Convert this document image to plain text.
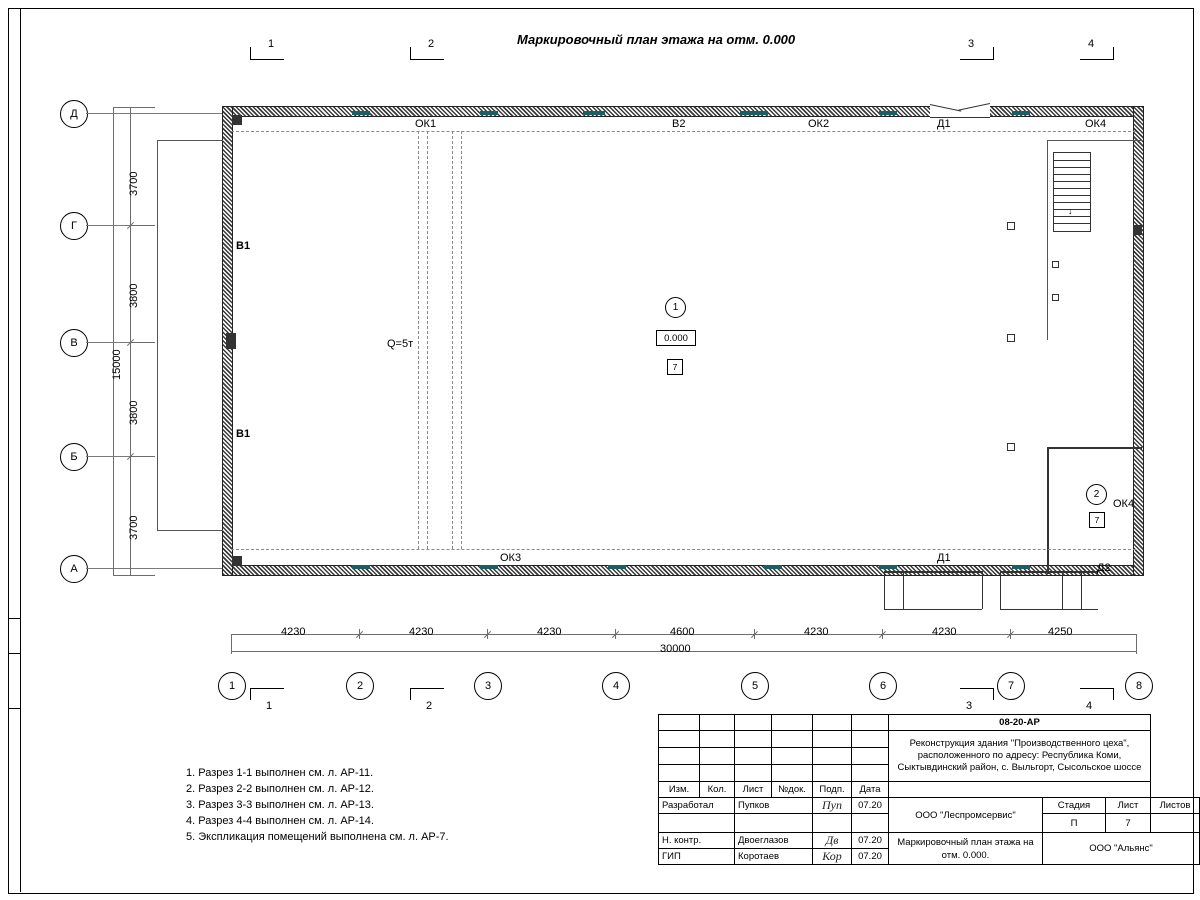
Маркировочный план этажа на отм. 0.000
1	2	3	4
1	2	3	4
Д
Г
В
Б
А
3700
3800
3800
3700
15000
↓
ОК1	В2	ОК2	Д1	ОК4
В1
В1
ОК3	Д1
ОК4
Д2
Q=5т
1
0.000
7
2
7
4230	4230	4230	4600	4230	4230	4250
30000
1	2	3	4	5	6	7	8
1. Разрез 1-1 выполнен см. л. АР-11.
2. Разрез 2-2 выполнен см. л. АР-12.
3. Разрез 3-3 выполнен см. л. АР-13.
4. Разрез 4-4 выполнен см. л. АР-14.
5. Экспликация помещений выполнена см. л. АР-7.
						08-20-АР			
						Реконструкция здания "Производственного цеха", расположенного по адресу: Республика Коми, Сыктывдинский район, с. Выльгорт, Сысольское шоссе			

Изм.	Кол.	Лист	№док.	Подп.	Дата				
Разработал		Пупков		Пуп	07.20	ООО "Леспромсервис"	Стадия	Лист	Листов
							П	7	
Н. контр.		Двоеглазов		Дв	07.20	Маркировочный план этажа на отм. 0.000.	ООО "Альянс"		
ГИП		Коротаев		Кор	07.20				
